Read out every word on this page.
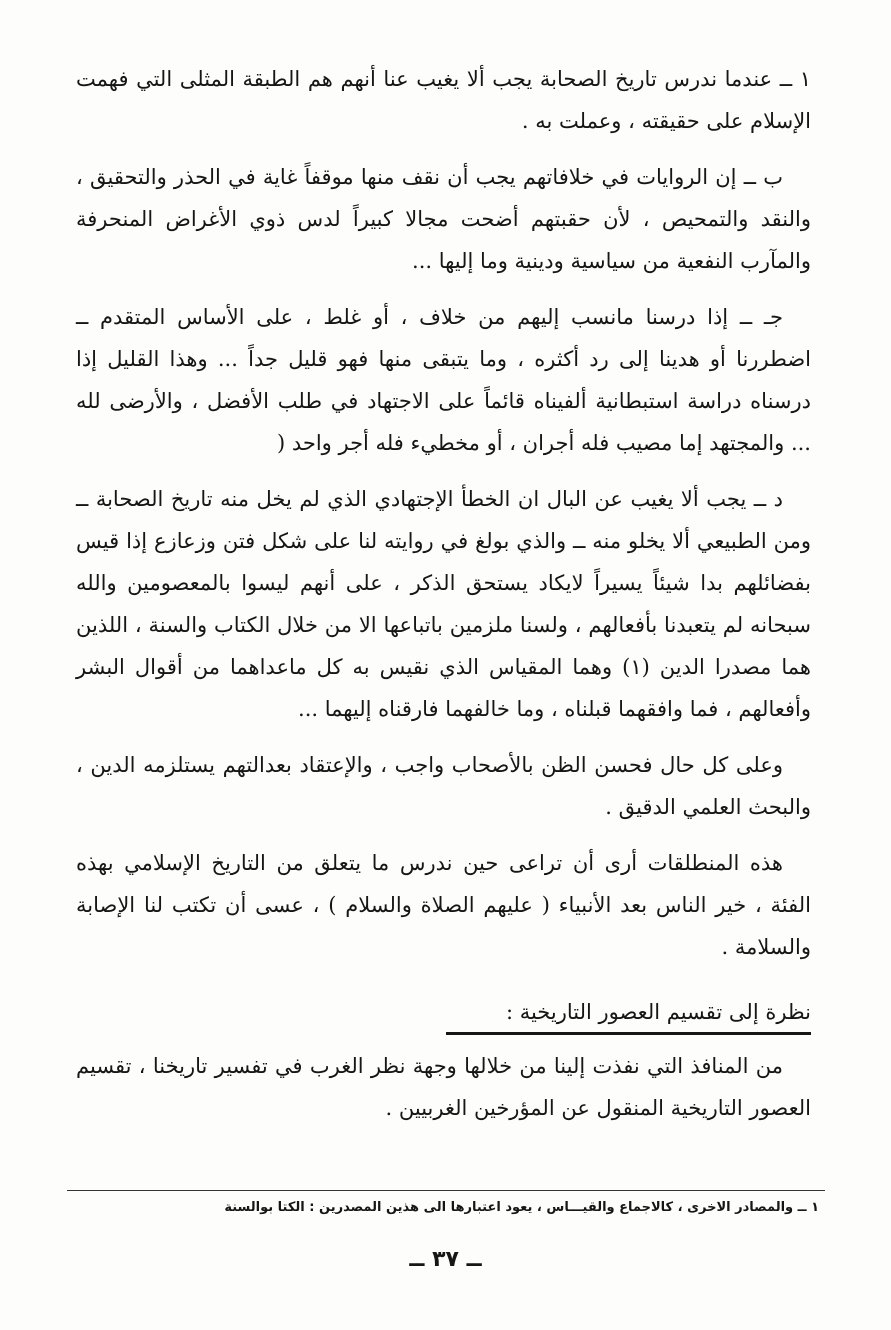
١ ــ عندما ندرس تاريخ الصحابة يجب ألا يغيب عنا أنهم هم الطبقة المثلى التي فهمت الإسلام على حقيقته ، وعملت به .

ب ــ إن الروايات في خلافاتهم يجب أن نقف منها موقفاً غاية في الحذر والتحقيق ، والنقد والتمحيص ، لأن حقبتهم أضحت مجالا كبيراً لدس ذوي الأغراض المنحرفة والمآرب النفعية من سياسية ودينية وما إليها ...

جـ ــ إذا درسنا مانسب إليهم من خلاف ، أو غلط ، على الأساس المتقدم ــ اضطررنا أو هدينا إلى رد أكثره ، وما يتبقى منها فهو قليل جداً ... وهذا القليل إذا درسناه دراسة استبطانية ألفيناه قائماً على الاجتهاد في طلب الأفضل ، والأرضى لله ... والمجتهد إما مصيب فله أجران ، أو مخطيء فله أجر واحد (

د ــ يجب ألا يغيب عن البال ان الخطأ الإجتهادي الذي لم يخل منه تاريخ الصحابة ــ ومن الطبيعي ألا يخلو منه ــ والذي بولغ في روايته لنا على شكل فتن وزعازع إذا قيس بفضائلهم بدا شيئاً يسيراً لايكاد يستحق الذكر ، على أنهم ليسوا بالمعصومين والله سبحانه لم يتعبدنا بأفعالهم ، ولسنا ملزمين باتباعها الا من خلال الكتاب والسنة ، اللذين هما مصدرا الدين (١) وهما المقياس الذي نقيس به كل ماعداهما من أقوال البشر وأفعالهم ، فما وافقهما قبلناه ، وما خالفهما فارقناه إليهما ...

وعلى كل حال فحسن الظن بالأصحاب واجب ، والإعتقاد بعدالتهم يستلزمه الدين ، والبحث العلمي الدقيق .

هذه المنطلقات أرى أن تراعى حين ندرس ما يتعلق من التاريخ الإسلامي بهذه الفئة ، خير الناس بعد الأنبياء ( عليهم الصلاة والسلام ) ، عسى أن تكتب لنا الإصابة والسلامة .

نظرة إلى تقسيم العصور التاريخية :

من المنافذ التي نفذت إلينا من خلالها وجهة نظر الغرب في تفسير تاريخنا ، تقسيم العصور التاريخية المنقول عن المؤرخين الغربيين .

١ ــ والمصادر الاخرى ، كالاجماع والقيـــاس ، يعود اعتبارها الى هذين المصدرين : الكتا بوالسنة
ــ ٣٧ ــ
